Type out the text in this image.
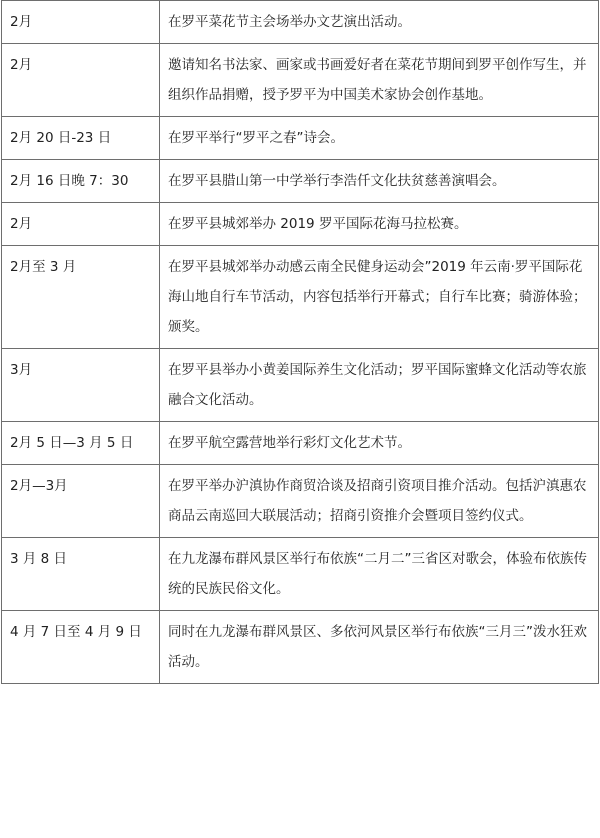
2月	在罗平菜花节主会场举办文艺演出活动。
2月	邀请知名书法家、画家或书画爱好者在菜花节期间到罗平创作写生，并组织作品捐赠，授予罗平为中国美术家协会创作基地。
2月 20 日-23 日	在罗平举行“罗平之春”诗会。
2月 16 日晚 7：30	在罗平县腊山第一中学举行李浩仟文化扶贫慈善演唱会。
2月	在罗平县城郊举办 2019 罗平国际花海马拉松赛。
2月至 3 月	在罗平县城郊举办动感云南全民健身运动会”2019 年云南·罗平国际花海山地自行车节活动，内容包括举行开幕式；自行车比赛；骑游体验；颁奖。
3月	在罗平县举办小黄姜国际养生文化活动；罗平国际蜜蜂文化活动等农旅融合文化活动。
2月 5 日—3 月 5 日	在罗平航空露营地举行彩灯文化艺术节。
2月—3月	在罗平举办沪滇协作商贸洽谈及招商引资项目推介活动。包括沪滇惠农商品云南巡回大联展活动；招商引资推介会暨项目签约仪式。
3 月 8 日	在九龙瀑布群风景区举行布依族“二月二”三省区对歌会，体验布依族传统的民族民俗文化。
4 月 7 日至 4 月 9 日	同时在九龙瀑布群风景区、多依河风景区举行布依族“三月三”泼水狂欢活动。
